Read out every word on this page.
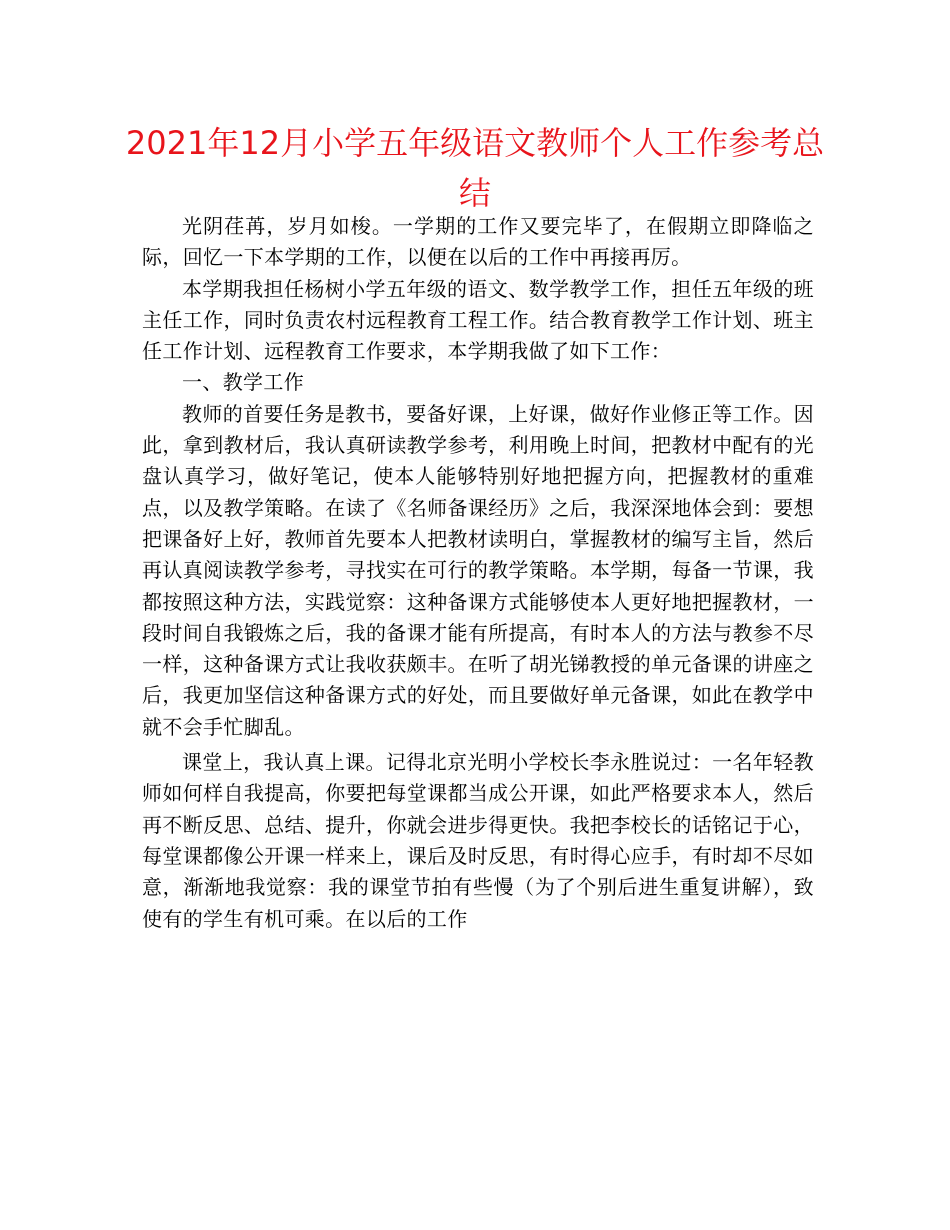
2021年12月小学五年级语文教师个人工作参考总结

光阴荏苒，岁月如梭。一学期的工作又要完毕了，在假期立即降临之际，回忆一下本学期的工作，以便在以后的工作中再接再厉。

本学期我担任杨树小学五年级的语文、数学教学工作，担任五年级的班主任工作，同时负责农村远程教育工程工作。结合教育教学工作计划、班主任工作计划、远程教育工作要求，本学期我做了如下工作：

一、教学工作

教师的首要任务是教书，要备好课，上好课，做好作业修正等工作。因此，拿到教材后，我认真研读教学参考，利用晚上时间，把教材中配有的光盘认真学习，做好笔记，使本人能够特别好地把握方向，把握教材的重难点，以及教学策略。在读了《名师备课经历》之后，我深深地体会到：要想把课备好上好，教师首先要本人把教材读明白，掌握教材的编写主旨，然后再认真阅读教学参考，寻找实在可行的教学策略。本学期，每备一节课，我都按照这种方法，实践觉察：这种备课方式能够使本人更好地把握教材，一段时间自我锻炼之后，我的备课才能有所提高，有时本人的方法与教参不尽一样，这种备课方式让我收获颇丰。在听了胡光锑教授的单元备课的讲座之后，我更加坚信这种备课方式的好处，而且要做好单元备课，如此在教学中就不会手忙脚乱。

课堂上，我认真上课。记得北京光明小学校长李永胜说过：一名年轻教师如何样自我提高，你要把每堂课都当成公开课，如此严格要求本人，然后再不断反思、总结、提升，你就会进步得更快。我把李校长的话铭记于心，每堂课都像公开课一样来上，课后及时反思，有时得心应手，有时却不尽如意，渐渐地我觉察：我的课堂节拍有些慢（为了个别后进生重复讲解），致使有的学生有机可乘。在以后的工作
